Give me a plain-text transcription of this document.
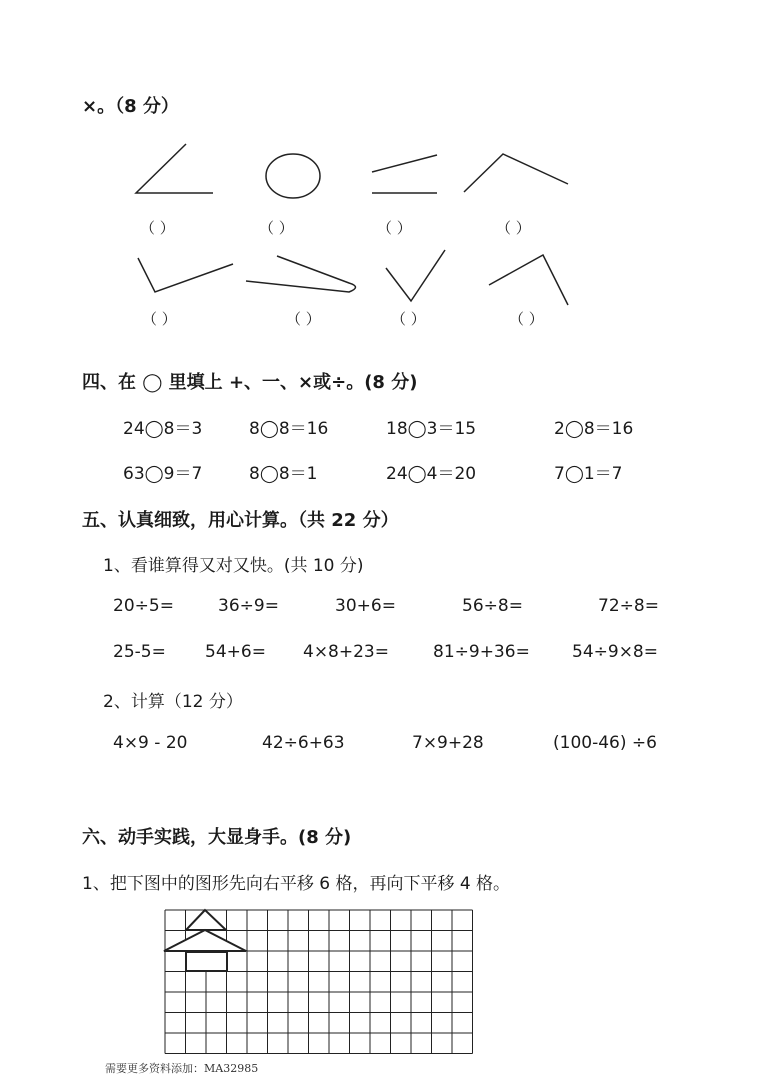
×。（8 分）
（ ）	（ ）	（ ）	（ ）
（ ）	（ ）	（ ）	（ ）
四、在 ◯ 里填上 +、一、×或÷。(8 分)
24◯8＝3	8◯8＝16	18◯3＝15	2◯8＝16
63◯9＝7	8◯8＝1	24◯4＝20	7◯1＝7
五、认真细致，用心计算。（共 22 分）
1、看谁算得又对又快。(共 10 分)
20÷5=	36÷9=	30+6=	56÷8=	72÷8=
25-5= 54+6= 4×8+23=	81÷9+36= 54÷9×8=
2、计算（12 分）
4×9 - 20	42÷6+63	7×9+28	(100-46) ÷6
六、动手实践，大显身手。(8 分)
1、把下图中的图形先向右平移 6 格，再向下平移 4 格。
需要更多资料添加：MA32985
